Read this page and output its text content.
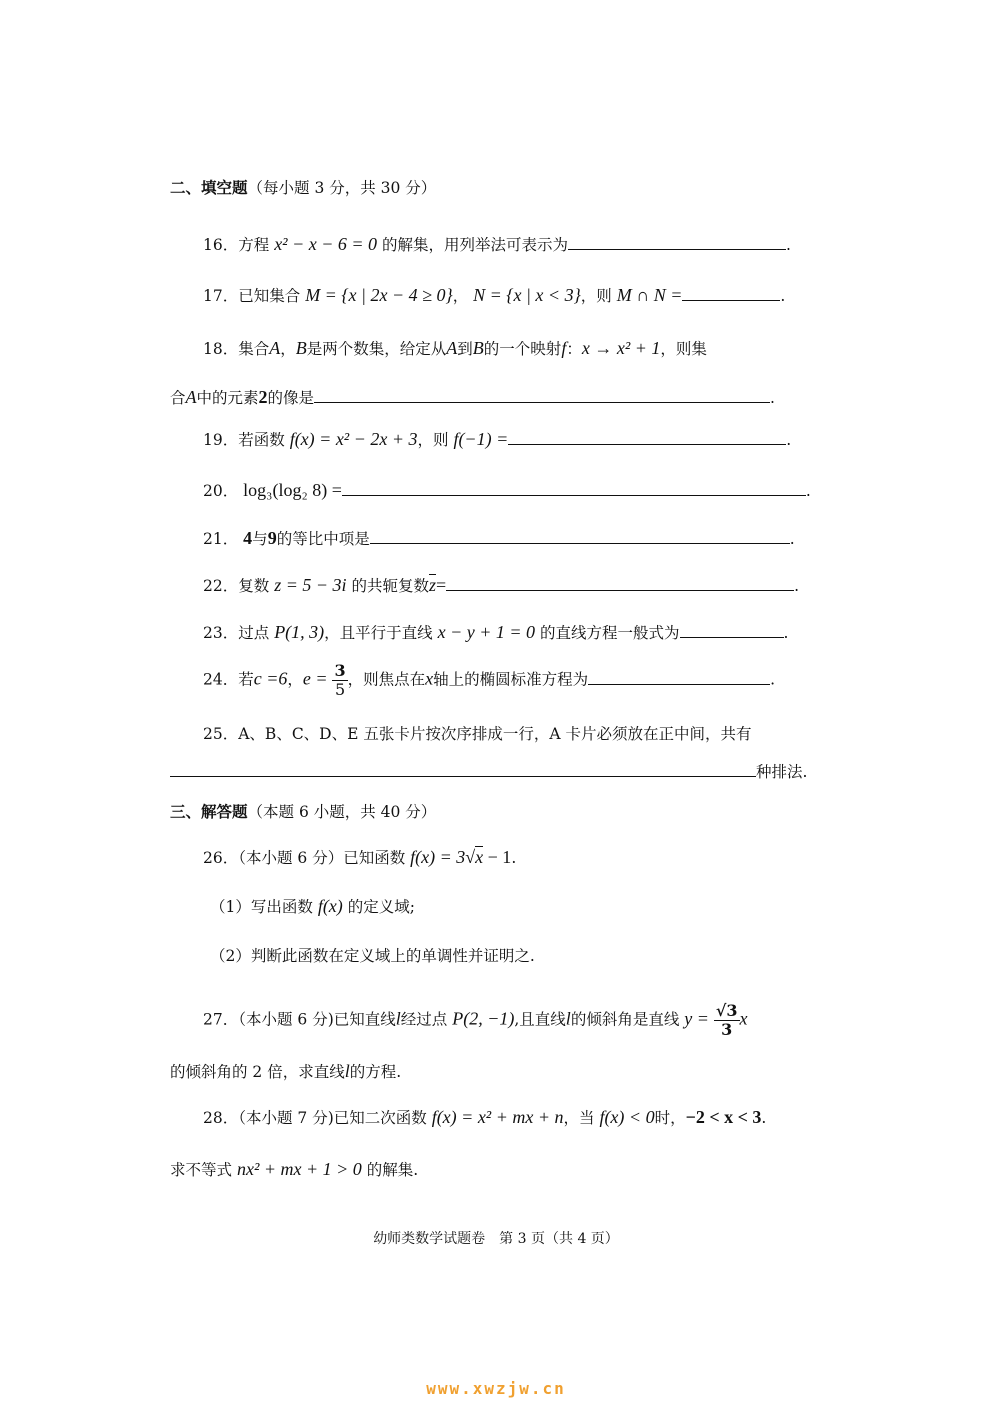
二、填空题（每小题 3 分，共 30 分）
16．方程 x² − x − 6 = 0 的解集，用列举法可表示为	.
17．已知集合 M = {x | 2x − 4 ≥ 0}， N = {x | x < 3}，则 M ∩ N =	.
18．集合A，B是两个数集，给定从A到B的一个映射f：x → x² + 1，则集
合A中的元素2的像是	.
19．若函数 f(x) = x² − 2x + 3，则 f(−1) =	.
20． log₃(log₂ 8) =	.
21． 4与9的等比中项是	.
22．复数 z = 5 − 3i 的共轭复数z=	.
23．过点 P(1, 3)，且平行于直线 x − y + 1 = 0 的直线方程一般式为	.
24．若c =6，$e = \frac{3}{5}$ ，则焦点在x轴上的椭圆标准方程为	.
25．A、B、C、D、E 五张卡片按次序排成一行，A 卡片必须放在正中间，共有
种排法.
三、解答题（本题 6 小题，共 40 分）
26．（本小题 6 分）已知函数 f(x) = 3√x − 1.
（1）写出函数 f(x) 的定义域;
（2）判断此函数在定义域上的单调性并证明之.
27．（本小题 6 分)已知直线l经过点 P(2, −1),且直线l的倾斜角是直线 $y = \frac{√3}{3}$ x
的倾斜角的 2 倍，求直线l的方程.
28．（本小题 7 分)已知二次函数 f(x) = x² + mx + n，当 f(x) < 0时，−2 < x < 3.
求不等式 nx² + mx + 1 > 0 的解集.
幼师类数学试题卷　第 3 页（共 4 页）
www.xwzjw.cn
